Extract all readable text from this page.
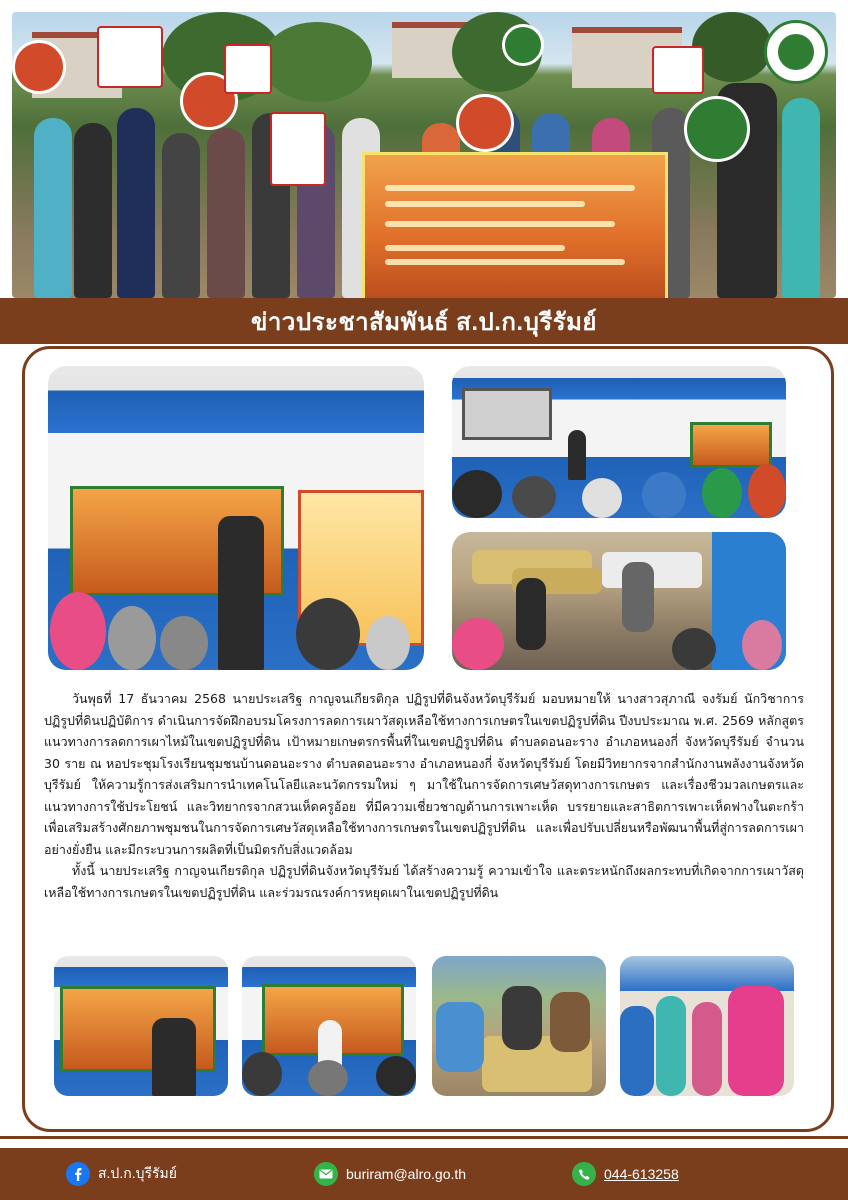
ข่าวประชาสัมพันธ์ ส.ป.ก.บุรีรัมย์

วันพุธที่ 17 ธันวาคม 2568 นายประเสริฐ กาญจนเกียรติกุล ปฏิรูปที่ดินจังหวัดบุรีรัมย์ มอบหมายให้ นางสาวสุภาณี จงรัมย์ นักวิชาการปฏิรูปที่ดินปฏิบัติการ ดำเนินการจัดฝึกอบรมโครงการลดการเผาวัสดุเหลือใช้ทางการเกษตรในเขตปฏิรูปที่ดิน ปีงบประมาณ พ.ศ. 2569 หลักสูตรแนวทางการลดการเผาไหม้ในเขตปฏิรูปที่ดิน เป้าหมายเกษตรกรพื้นที่ในเขตปฏิรูปที่ดิน ตำบลดอนอะราง อำเภอหนองกี่ จังหวัดบุรีรัมย์ จำนวน 30 ราย ณ หอประชุมโรงเรียนชุมชนบ้านดอนอะราง ตำบลดอนอะราง อำเภอหนองกี่ จังหวัดบุรีรัมย์ โดยมีวิทยากรจากสำนักงานพลังงานจังหวัดบุรีรัมย์ ให้ความรู้การส่งเสริมการนำเทคโนโลยีและนวัตกรรมใหม่ ๆ มาใช้ในการจัดการเศษวัสดุทางการเกษตร และเรื่องชีวมวลเกษตรและแนวทางการใช้ประโยชน์ และวิทยากรจากสวนเห็ดครูอ้อย ที่มีความเชี่ยวชาญด้านการเพาะเห็ด บรรยายและสาธิตการเพาะเห็ดฟางในตะกร้า เพื่อเสริมสร้างศักยภาพชุมชนในการจัดการเศษวัสดุเหลือใช้ทางการเกษตรในเขตปฏิรูปที่ดิน และเพื่อปรับเปลี่ยนหรือพัฒนาพื้นที่สู่การลดการเผาอย่างยั่งยืน และมีกระบวนการผลิตที่เป็นมิตรกับสิ่งแวดล้อม

ทั้งนี้ นายประเสริฐ กาญจนเกียรติกุล ปฏิรูปที่ดินจังหวัดบุรีรัมย์ ได้สร้างความรู้ ความเข้าใจ และตระหนักถึงผลกระทบที่เกิดจากการเผาวัสดุเหลือใช้ทางการเกษตรในเขตปฏิรูปที่ดิน และร่วมรณรงค์การหยุดเผาในเขตปฏิรูปที่ดิน

ส.ป.ก.บุรีรัมย์	buriram@alro.go.th	044-613258
